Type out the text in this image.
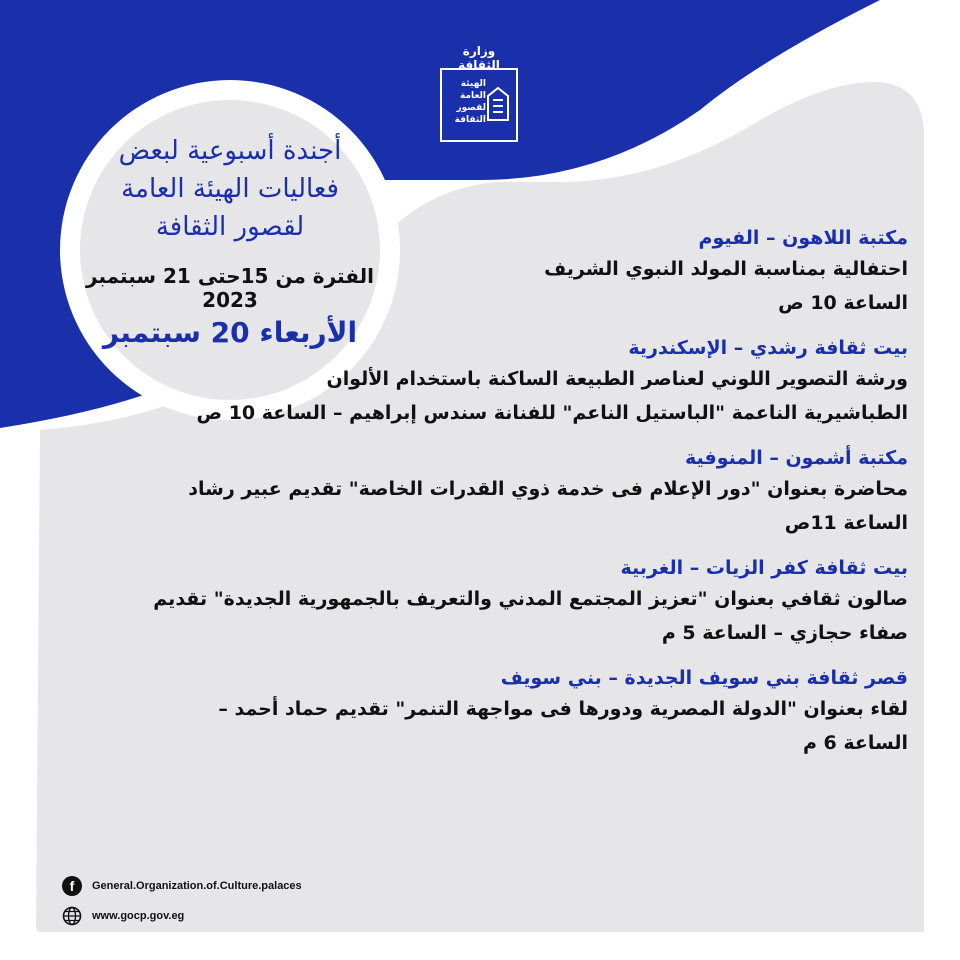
وزارة الثقافة
الهيئة
العامة
لقصور
الثقافة
أجندة أسبوعية لبعض
فعاليات الهيئة العامة
لقصور الثقافة
الفترة من 15حتى 21 سبتمبر 2023
الأربعاء 20 سبتمبر
مكتبة اللاهون – الفيوم
احتفالية بمناسبة المولد النبوي الشريف
الساعة 10 ص
بيت ثقافة رشدي – الإسكندرية
ورشة التصوير اللوني لعناصر الطبيعة الساكنة باستخدام الألوان
الطباشيرية الناعمة "الباستيل الناعم" للفنانة سندس إبراهيم – الساعة 10 ص
مكتبة أشمون – المنوفية
محاضرة بعنوان "دور الإعلام فى خدمة ذوي القدرات الخاصة" تقديم عبير رشاد
الساعة 11ص
بيت ثقافة كفر الزيات – الغربية
صالون ثقافي بعنوان "تعزيز المجتمع المدني والتعريف بالجمهورية الجديدة" تقديم
صفاء حجازي – الساعة 5 م
قصر ثقافة بني سويف الجديدة – بني سويف
لقاء بعنوان "الدولة المصرية ودورها فى مواجهة التنمر" تقديم حماد أحمد – الساعة 6 م
f	General.Organization.of.Culture.palaces
www.gocp.gov.eg
